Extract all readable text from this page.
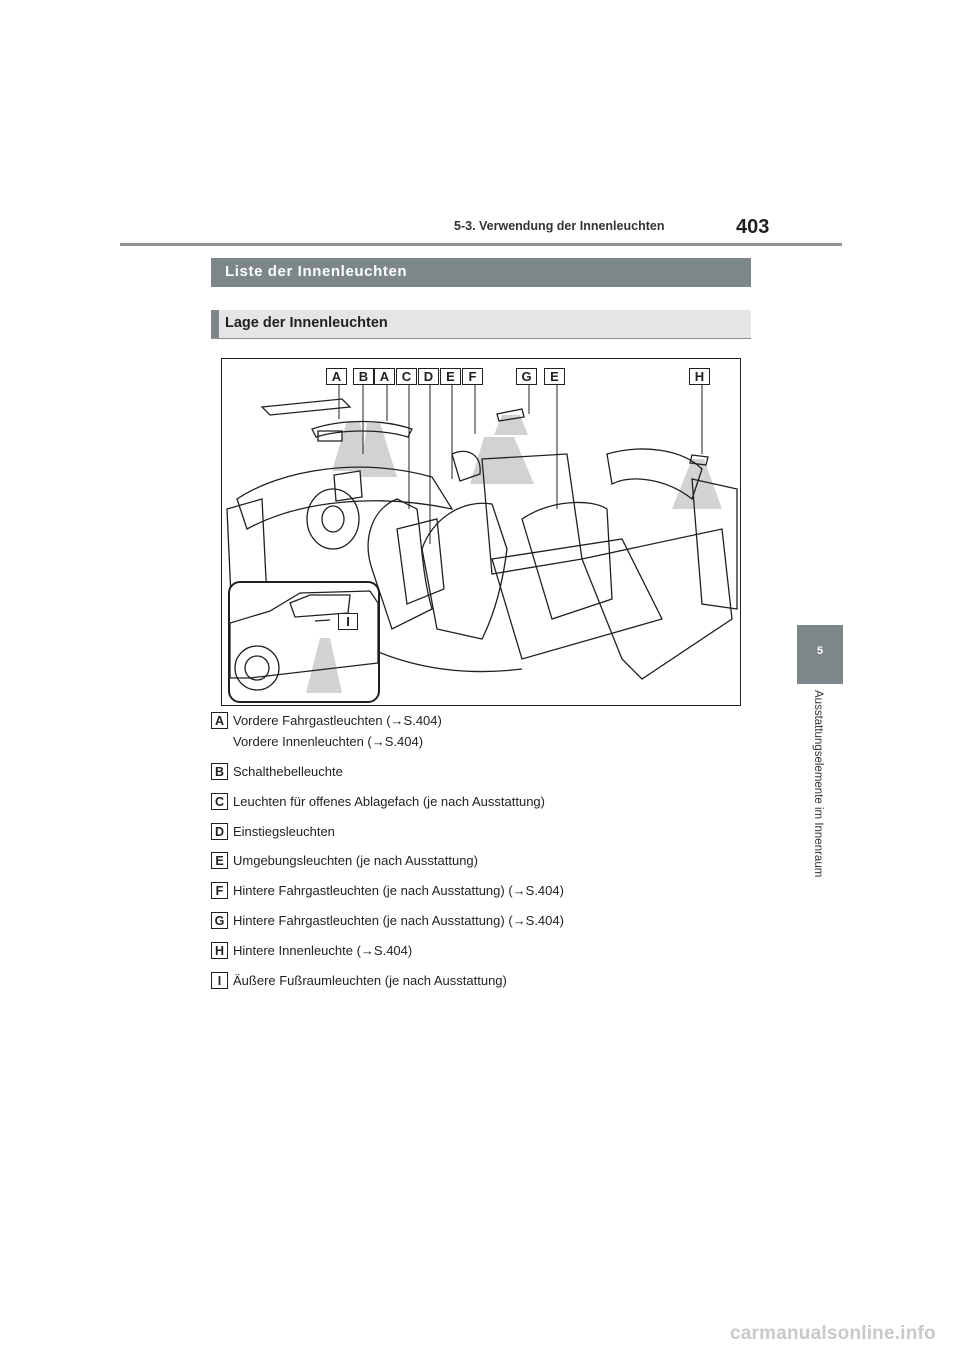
5-3. Verwendung der Innenleuchten	403
5
Ausstattungselemente im Innenraum
Liste der Innenleuchten
Lage der Innenleuchten
A	B A C D E	F	G	E	H
I
A Vordere Fahrgastleuchten (→S.404)
Vordere Innenleuchten (→S.404)
B Schalthebelleuchte
C Leuchten für offenes Ablagefach (je nach Ausstattung)
D Einstiegsleuchten
E Umgebungsleuchten (je nach Ausstattung)
F Hintere Fahrgastleuchten (je nach Ausstattung) (→S.404)
G Hintere Fahrgastleuchten (je nach Ausstattung) (→S.404)
H Hintere Innenleuchte (→S.404)
I Äußere Fußraumleuchten (je nach Ausstattung)
carmanualsonline.info
